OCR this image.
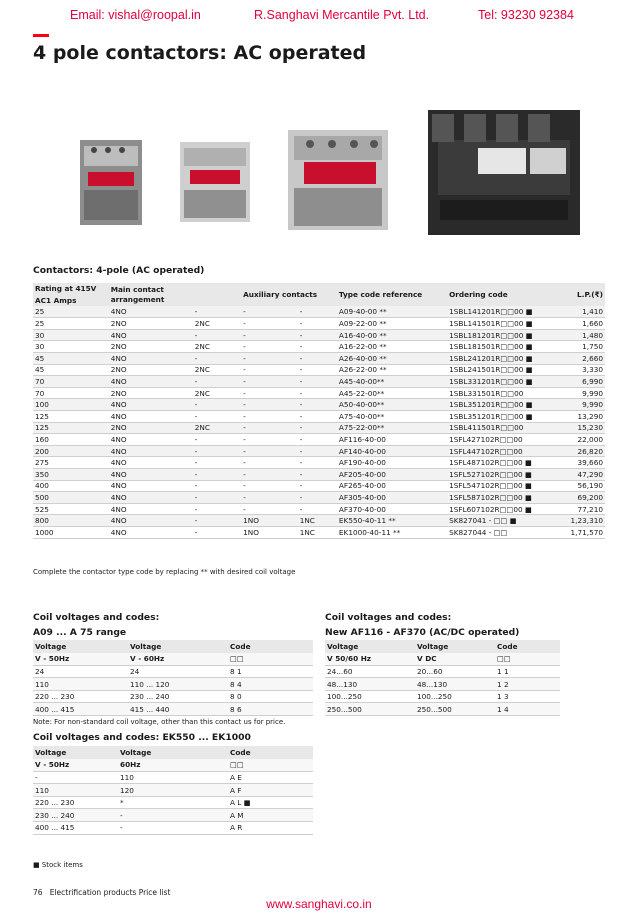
Email: vishal@roopal.in	R.Sanghavi Mercantile Pvt. Ltd.	Tel: 93230 92384
4 pole contactors: AC operated
Contactors: 4-pole (AC operated)
Rating at 415V	Main contact arrangement		Auxiliary contacts		Type code reference	Ordering code	L.P.(₹)
AC1 Amps							
25	4NO	-	-	-	A09-40-00 **	1SBL141201R□□00 ■	1,410
25	2NO	2NC	-	-	A09-22-00 **	1SBL141501R□□00 ■	1,660
30	4NO	-	-	-	A16-40-00 **	1SBL181201R□□00 ■	1,480
30	2NO	2NC	-	-	A16-22-00 **	1SBL181501R□□00 ■	1,750
45	4NO	-	-	-	A26-40-00 **	1SBL241201R□□00 ■	2,660
45	2NO	2NC	-	-	A26-22-00 **	1SBL241501R□□00 ■	3,330
70	4NO	-	-	-	A45-40-00**	1SBL331201R□□00 ■	6,990
70	2NO	2NC	-	-	A45-22-00**	1SBL331501R□□00	9,990
100	4NO	-	-	-	A50-40-00**	1SBL351201R□□00 ■	9,990
125	4NO	-	-	-	A75-40-00**	1SBL351201R□□00 ■	13,290
125	2NO	2NC	-	-	A75-22-00**	1SBL411501R□□00	15,230
160	4NO	-	-	-	AF116-40-00	1SFL427102R□□00	22,000
200	4NO	-	-	-	AF140-40-00	1SFL447102R□□00	26,820
275	4NO	-	-	-	AF190-40-00	1SFL487102R□□00 ■	39,660
350	4NO	-	-	-	AF205-40-00	1SFL527102R□□00 ■	47,290
400	4NO	-	-	-	AF265-40-00	1SFL547102R□□00 ■	56,190
500	4NO	-	-	-	AF305-40-00	1SFL587102R□□00 ■	69,200
525	4NO	-	-	-	AF370-40-00	1SFL607102R□□00 ■	77,210
800	4NO	-	1NO	1NC	EK550-40-11 **	SK827041 - □□ ■	1,23,310
1000	4NO	-	1NO	1NC	EK1000-40-11 **	SK827044 - □□	1,71,570
Complete the contactor type code by replacing ** with desired coil voltage
Coil voltages and codes:
A09 ... A 75 range
Voltage	Voltage	Code
V - 50Hz	V - 60Hz	□□
24	24	8 1
110	110 ... 120	8 4
220 ... 230	230 ... 240	8 0
400 ... 415	415 ... 440	8 6
Note: For non-standard coil voltage, other than this contact us for price.
Coil voltages and codes:
New AF116 - AF370 (AC/DC operated)
Voltage	Voltage	Code
V 50/60 Hz	V DC	□□
24...60	20...60	1 1
48...130	48...130	1 2
100...250	100...250	1 3
250...500	250...500	1 4
Coil voltages and codes: EK550 ... EK1000
Voltage	Voltage	Code
V - 50Hz	60Hz	□□
-	110	A E
110	120	A F
220 ... 230	*	A L ■
230 ... 240	-	A M
400 ... 415	-	A R
■ Stock items
76 Electrification products Price list
www.sanghavi.co.in
